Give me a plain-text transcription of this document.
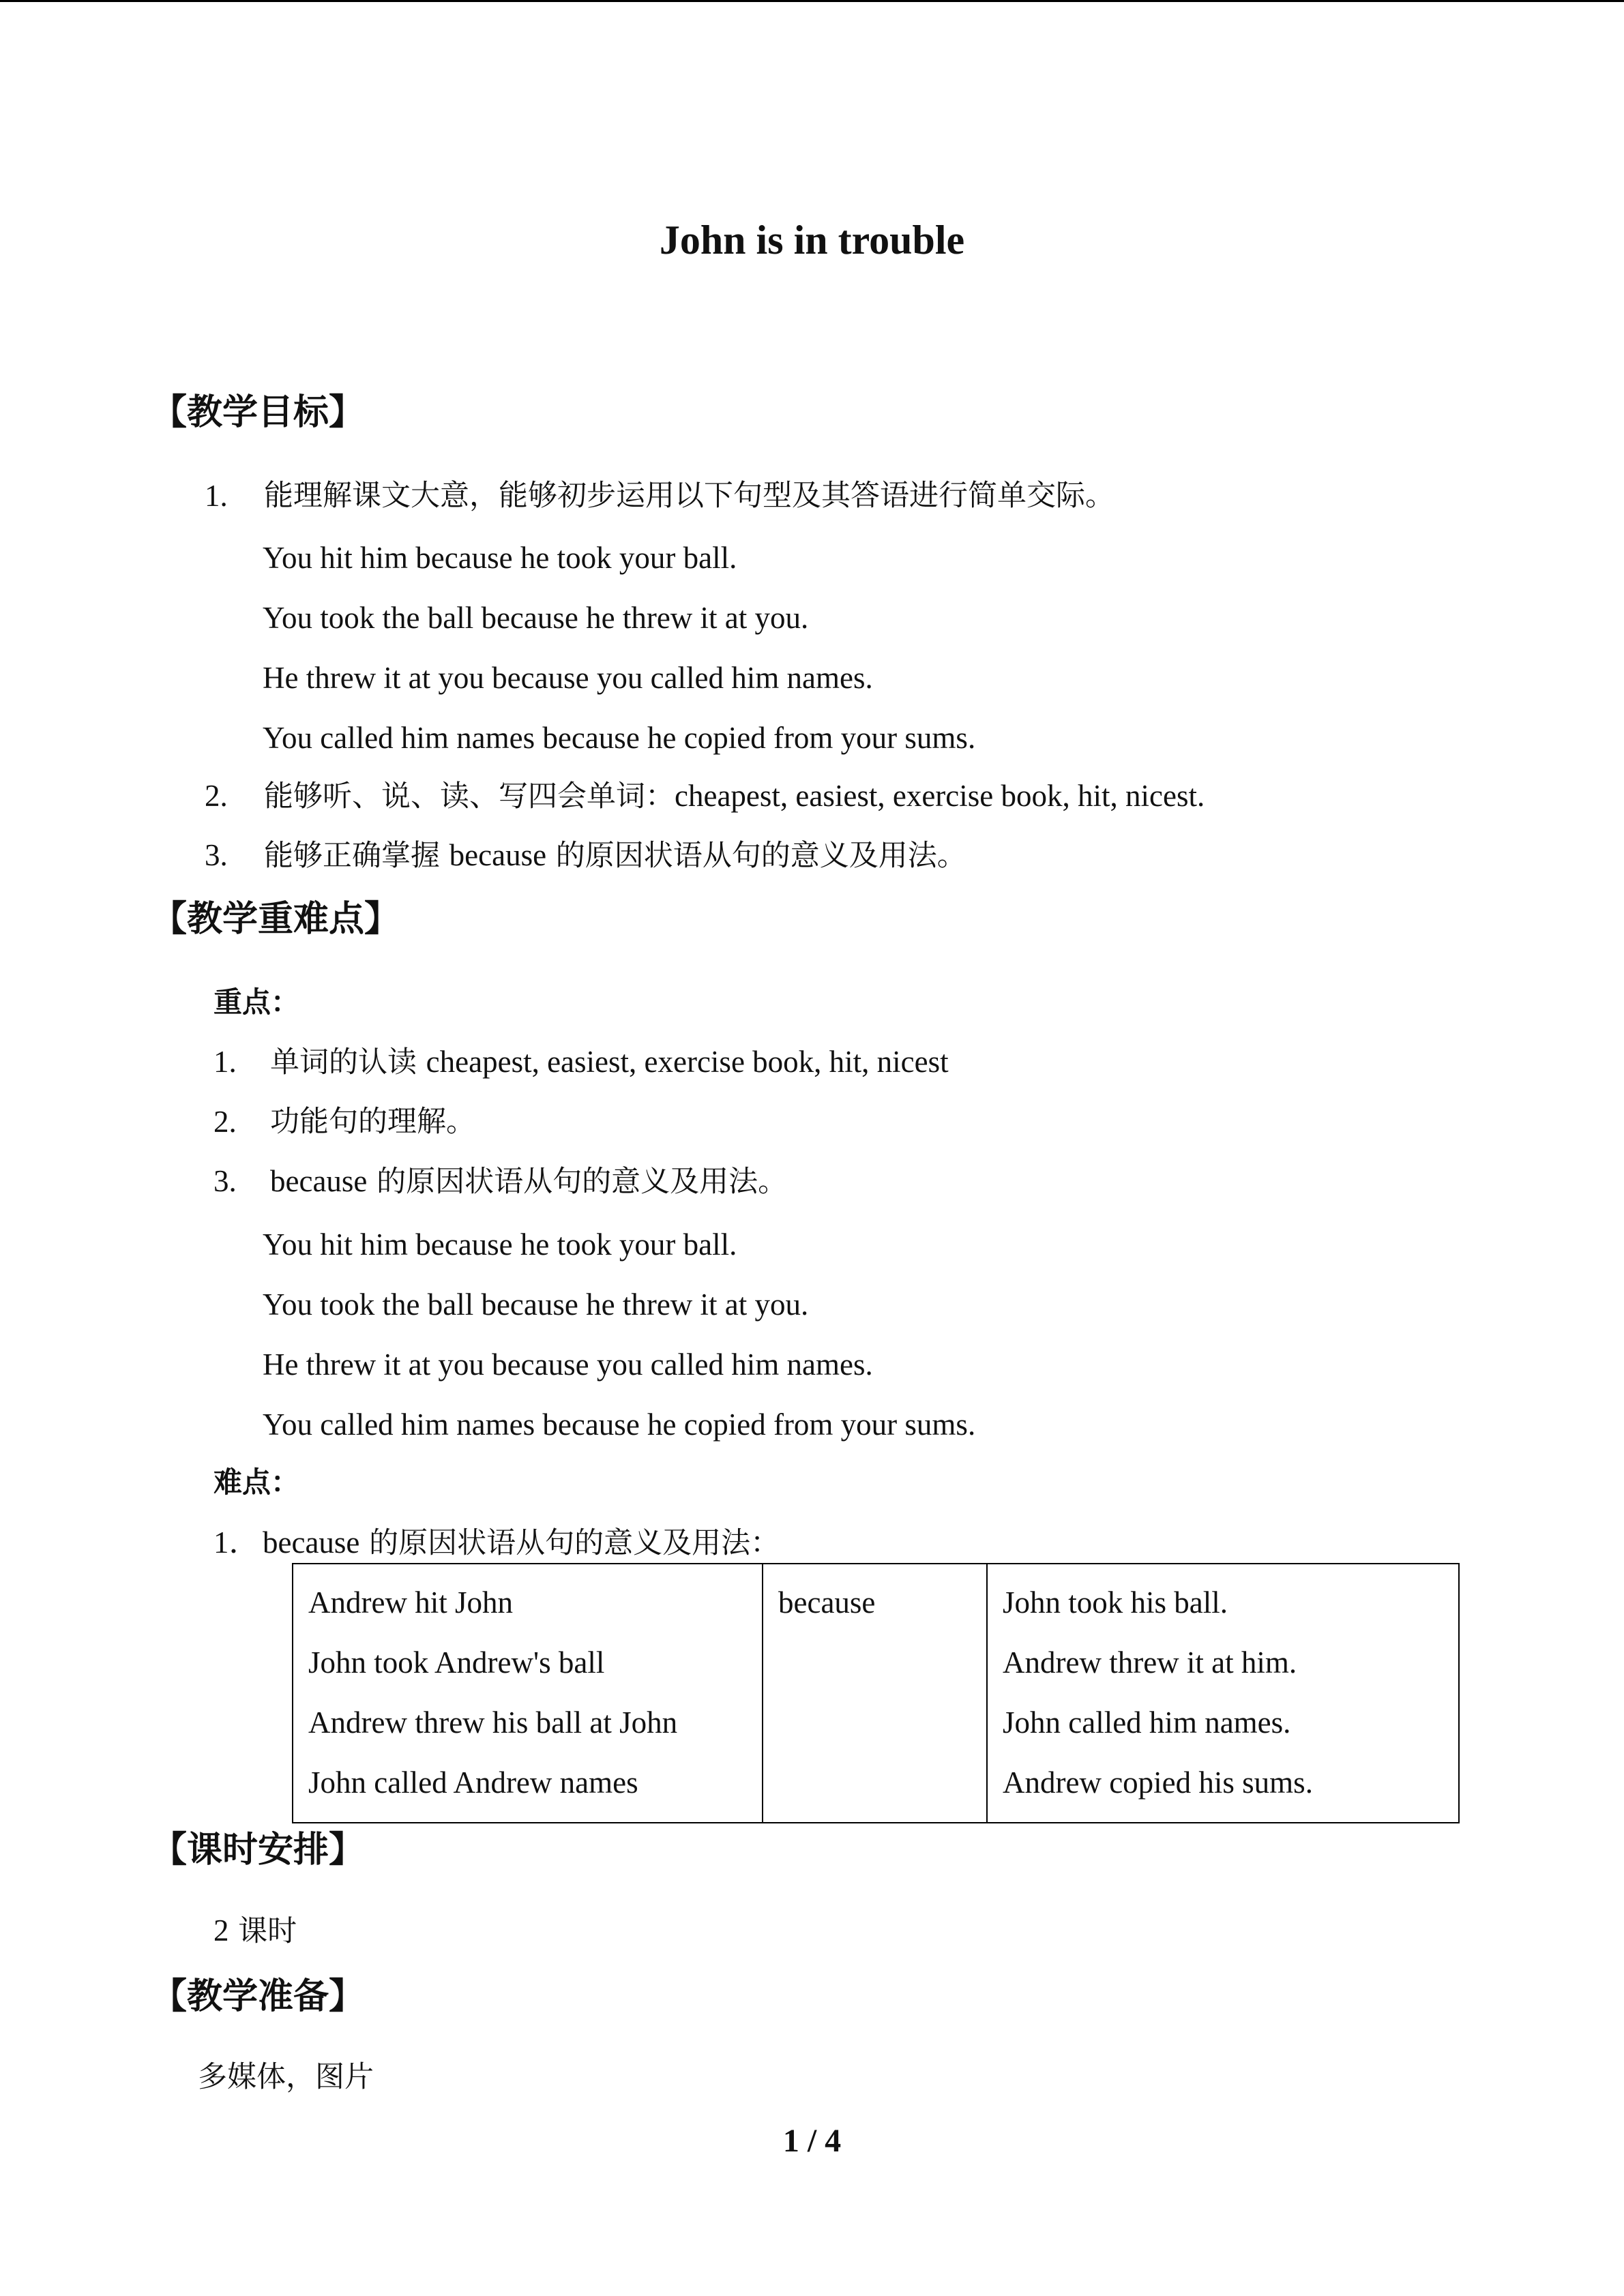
John is in trouble
【教学目标】
1. 能理解课文大意，能够初步运用以下句型及其答语进行简单交际。
You hit him because he took your ball.
You took the ball because he threw it at you.
He threw it at you because you called him names.
You called him names because he copied from your sums.
2. 能够听、说、读、写四会单词：cheapest, easiest, exercise book, hit, nicest.
3. 能够正确掌握 because 的原因状语从句的意义及用法。
【教学重难点】
重点：
1. 单词的认读 cheapest, easiest, exercise book, hit, nicest
2. 功能句的理解。
3. because 的原因状语从句的意义及用法。
You hit him because he took your ball.
You took the ball because he threw it at you.
He threw it at you because you called him names.
You called him names because he copied from your sums.
难点：
1． because 的原因状语从句的意义及用法：
Andrew hit John
John took Andrew's ball
Andrew threw his ball at John
John called Andrew names

because	John took his ball.
Andrew threw it at him.
John called him names.
Andrew copied his sums.
【课时安排】
2 课时
【教学准备】
多媒体，图片
1 / 4
